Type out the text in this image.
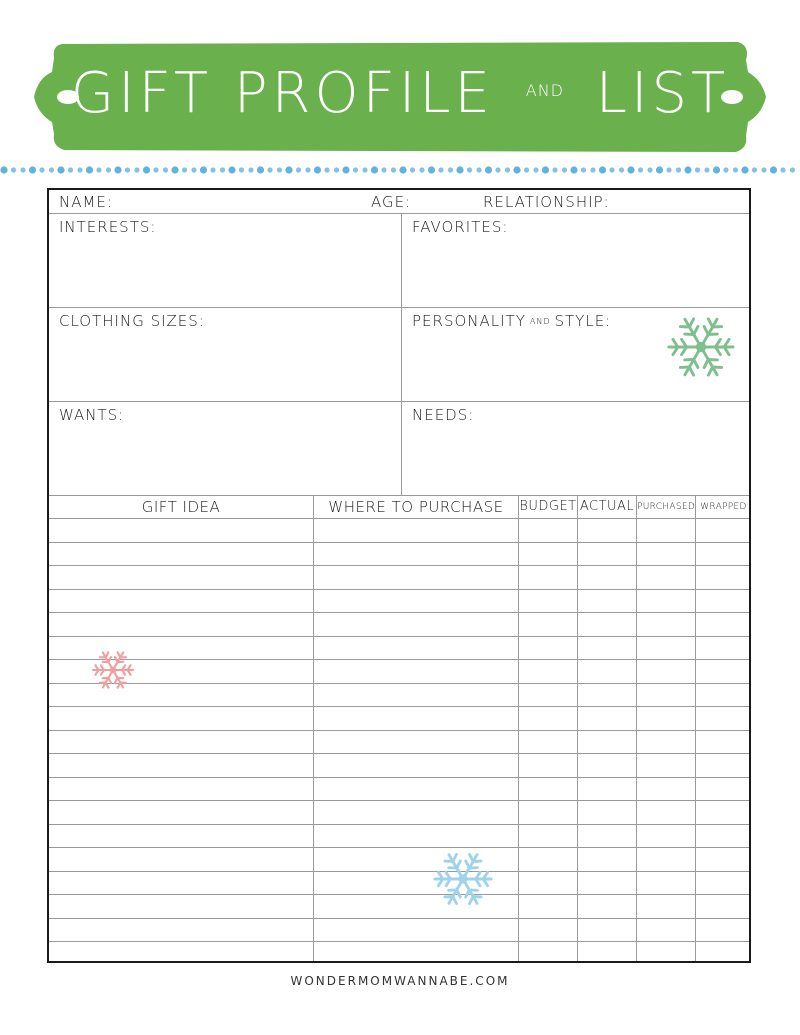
GIFT PROFILE AND LIST
NAME:	AGE:	RELATIONSHIP:
INTERESTS:	FAVORITES:
CLOTHING SIZES:	PERSONALITY AND STYLE:
WANTS:	NEEDS:
GIFT IDEA	WHERE TO PURCHASE	BUDGET ACTUAL PURCHASED WRAPPED
WONDERMOMWANNABE.COM
